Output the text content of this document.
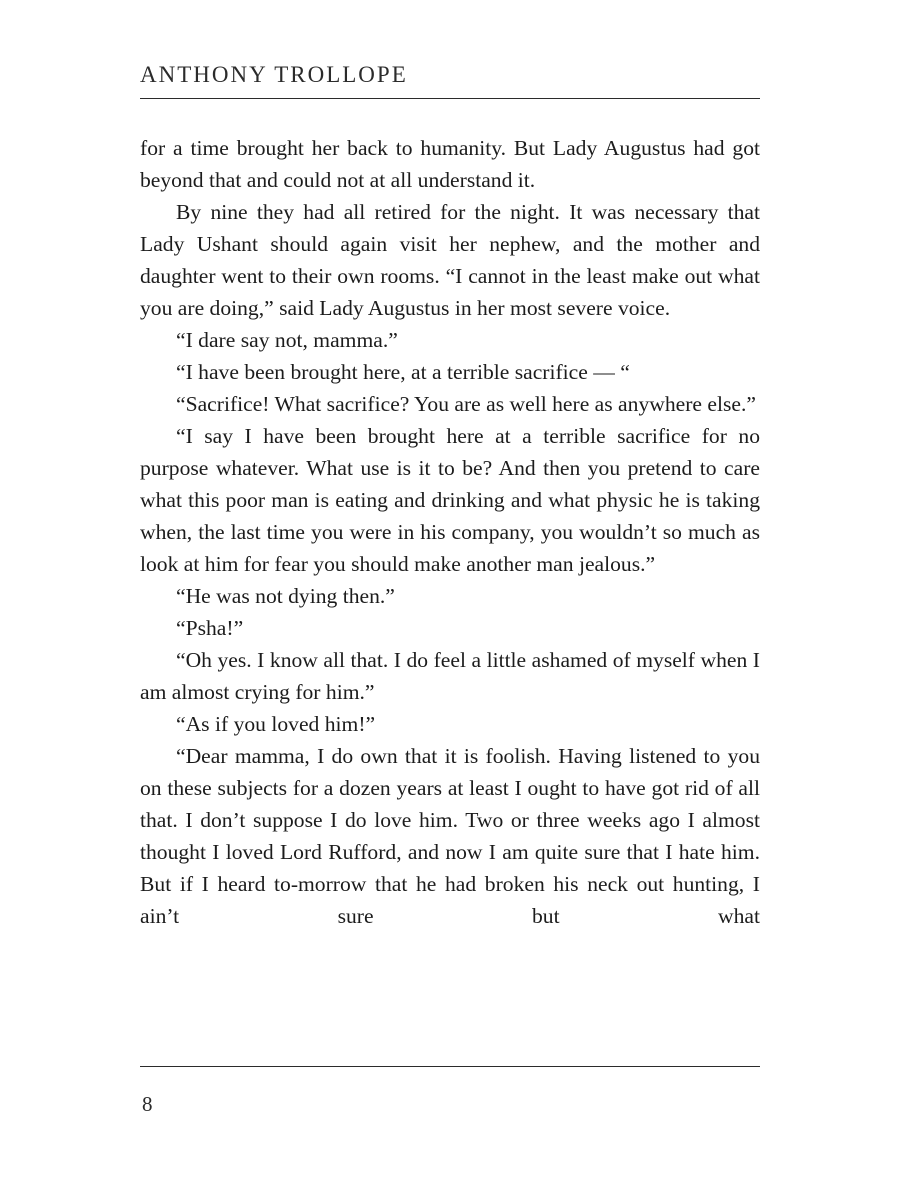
ANTHONY TROLLOPE

for a time brought her back to humanity. But Lady Augustus had got beyond that and could not at all understand it.

By nine they had all retired for the night. It was necessary that Lady Ushant should again visit her nephew, and the mother and daughter went to their own rooms. “I cannot in the least make out what you are doing,” said Lady Augustus in her most severe voice.

“I dare say not, mamma.”

“I have been brought here, at a terrible sacrifice — “

“Sacrifice! What sacrifice? You are as well here as anywhere else.”

“I say I have been brought here at a terrible sacrifice for no purpose whatever. What use is it to be? And then you pretend to care what this poor man is eating and drinking and what physic he is taking when, the last time you were in his company, you wouldn’t so much as look at him for fear you should make another man jealous.”

“He was not dying then.”

“Psha!”

“Oh yes. I know all that. I do feel a little ashamed of myself when I am almost crying for him.”

“As if you loved him!”

“Dear mamma, I do own that it is foolish. Having listened to you on these subjects for a dozen years at least I ought to have got rid of all that. I don’t suppose I do love him. Two or three weeks ago I almost thought I loved Lord Rufford, and now I am quite sure that I hate him. But if I heard to-morrow that he had broken his neck out hunting, I ain’t sure but what

8
